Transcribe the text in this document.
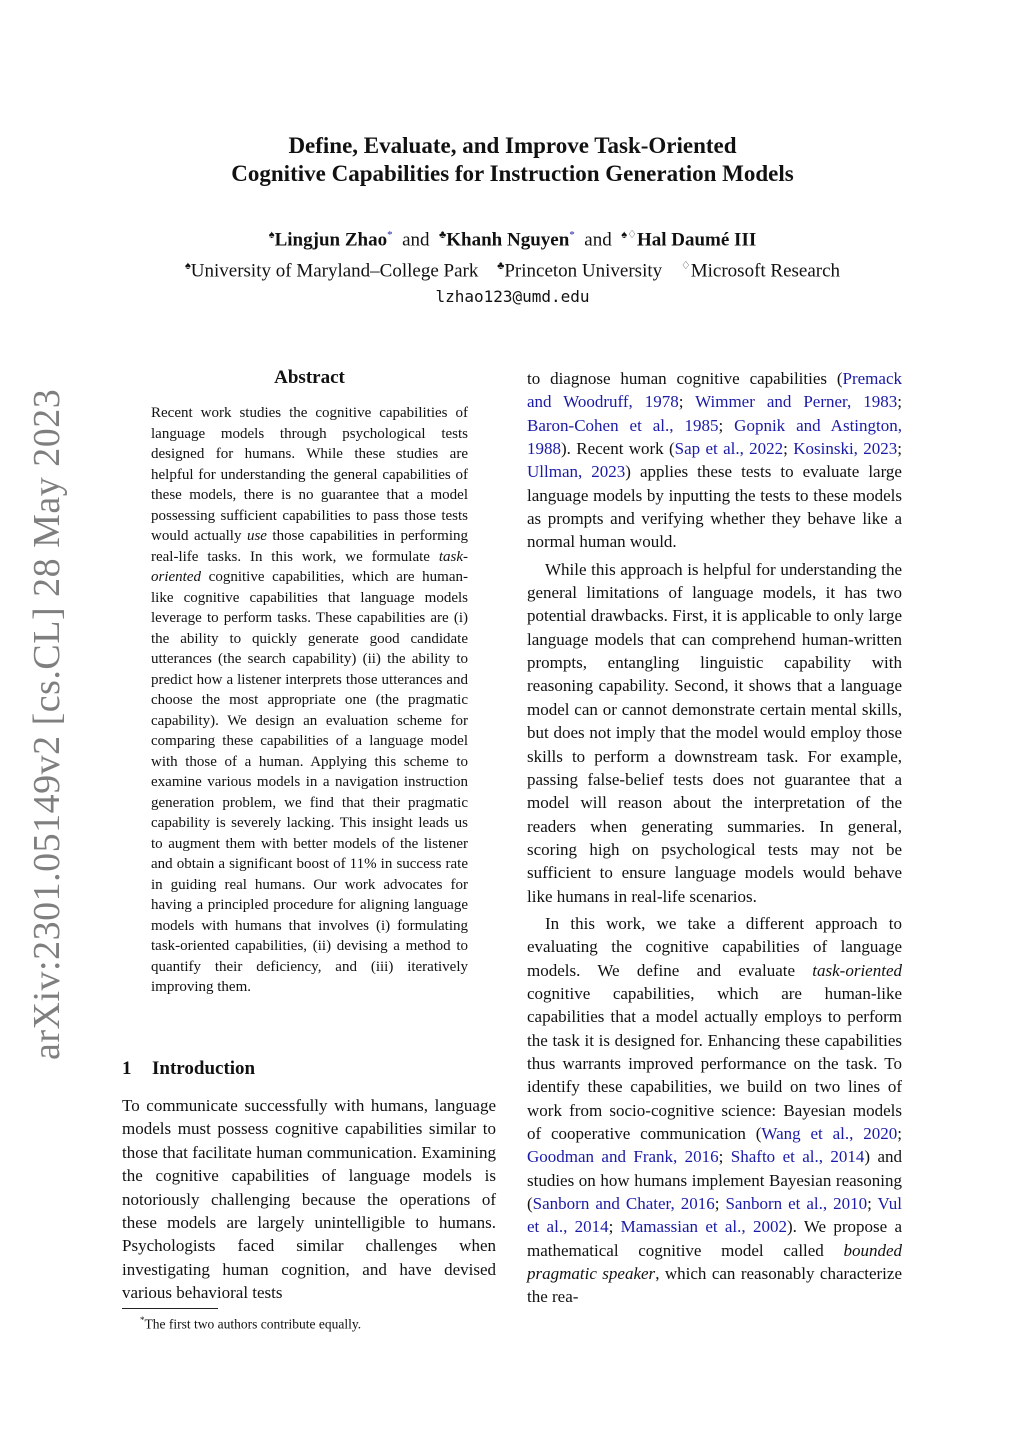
arXiv:2301.05149v2 [cs.CL] 28 May 2023
Define, Evaluate, and Improve Task-Oriented
Cognitive Capabilities for Instruction Generation Models
♠Lingjun Zhao* and ♣Khanh Nguyen* and ♠♢Hal Daumé III
♠University of Maryland–College Park ♣Princeton University ♢Microsoft Research
lzhao123@umd.edu
Abstract
Recent work studies the cognitive capabilities of language models through psychological tests designed for humans. While these studies are helpful for understanding the general capabilities of these models, there is no guarantee that a model possessing sufficient capabilities to pass those tests would actually use those capabilities in performing real-life tasks. In this work, we formulate task-oriented cognitive capabilities, which are human-like cognitive capabilities that language models leverage to perform tasks. These capabilities are (i) the ability to quickly generate good candidate utterances (the search capability) (ii) the ability to predict how a listener interprets those utterances and choose the most appropriate one (the pragmatic capability). We design an evaluation scheme for comparing these capabilities of a language model with those of a human. Applying this scheme to examine various models in a navigation instruction generation problem, we find that their pragmatic capability is severely lacking. This insight leads us to augment them with better models of the listener and obtain a significant boost of 11% in success rate in guiding real humans. Our work advocates for having a principled procedure for aligning language models with humans that involves (i) formulating task-oriented capabilities, (ii) devising a method to quantify their deficiency, and (iii) iteratively improving them.
1 Introduction
To communicate successfully with humans, language models must possess cognitive capabilities similar to those that facilitate human communication. Examining the cognitive capabilities of language models is notoriously challenging because the operations of these models are largely unintelligible to humans. Psychologists faced similar challenges when investigating human cognition, and have devised various behavioral tests
*The first two authors contribute equally.

to diagnose human cognitive capabilities (Premack and Woodruff, 1978; Wimmer and Perner, 1983; Baron-Cohen et al., 1985; Gopnik and Astington, 1988). Recent work (Sap et al., 2022; Kosinski, 2023; Ullman, 2023) applies these tests to evaluate large language models by inputting the tests to these models as prompts and verifying whether they behave like a normal human would.

While this approach is helpful for understanding the general limitations of language models, it has two potential drawbacks. First, it is applicable to only large language models that can comprehend human-written prompts, entangling linguistic capability with reasoning capability. Second, it shows that a language model can or cannot demonstrate certain mental skills, but does not imply that the model would employ those skills to perform a downstream task. For example, passing false-belief tests does not guarantee that a model will reason about the interpretation of the readers when generating summaries. In general, scoring high on psychological tests may not be sufficient to ensure language models would behave like humans in real-life scenarios.

In this work, we take a different approach to evaluating the cognitive capabilities of language models. We define and evaluate task-oriented cognitive capabilities, which are human-like capabilities that a model actually employs to perform the task it is designed for. Enhancing these capabilities thus warrants improved performance on the task. To identify these capabilities, we build on two lines of work from socio-cognitive science: Bayesian models of cooperative communication (Wang et al., 2020; Goodman and Frank, 2016; Shafto et al., 2014) and studies on how humans implement Bayesian reasoning (Sanborn and Chater, 2016; Sanborn et al., 2010; Vul et al., 2014; Mamassian et al., 2002). We propose a mathematical cognitive model called bounded pragmatic speaker, which can reasonably characterize the rea-
